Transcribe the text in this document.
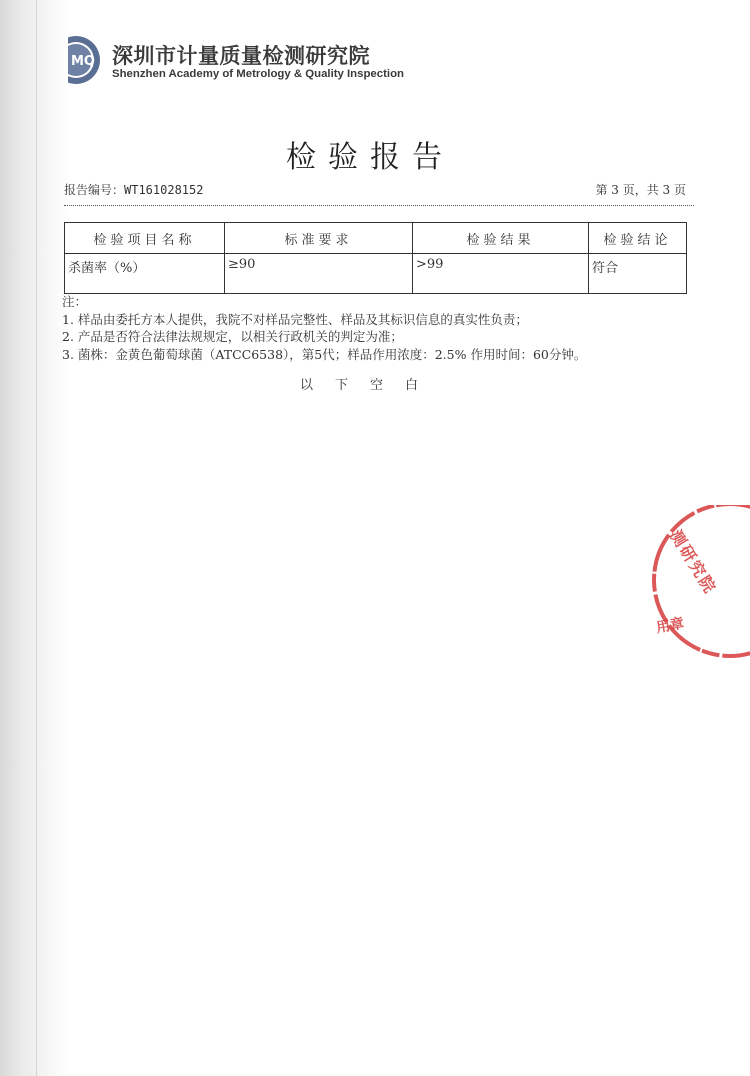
MQ 深圳市计量质量检测研究院
Shenzhen Academy of Metrology & Quality Inspection
检验报告
报告编号：WT161028152	第 3 页，共 3 页
检验项目名称	标准要求	检验结果	检验结论
杀菌率（%）	≥90	>99	符合
注：
1. 样品由委托方本人提供，我院不对样品完整性、样品及其标识信息的真实性负责；
2. 产品是否符合法律法规规定，以相关行政机关的判定为准；
3. 菌株：金黄色葡萄球菌（ATCC6538），第5代；样品作用浓度：2.5% 作用时间：60分钟。
以下空白
测研究院
用章
